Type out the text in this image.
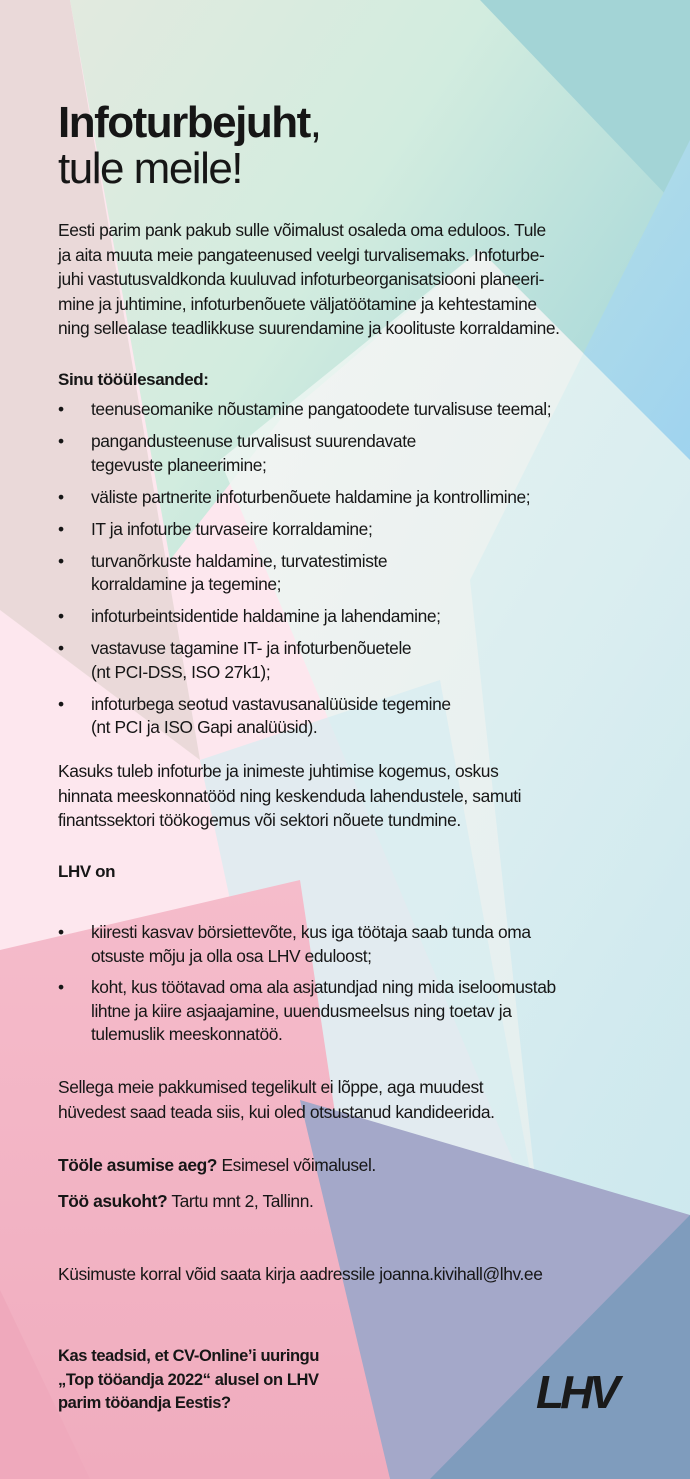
Infoturbejuht,
tule meile!

Eesti parim pank pakub sulle võimalust osaleda oma eduloos. Tule
ja aita muuta meie pangateenused veelgi turvalisemaks. Infoturbe-
juhi vastutusvaldkonda kuuluvad infoturbeorganisatsiooni planeeri-
mine ja juhtimine, infoturbenõuete väljatöötamine ja kehtestamine
ning sellealase teadlikkuse suurendamine ja koolituste korraldamine.

Sinu tööülesanded:
• teenuseomanike nõustamine pangatoodete turvalisuse teemal;
• pangandusteenuse turvalisust suurendavate
tegevuste planeerimine;
• väliste partnerite infoturbenõuete haldamine ja kontrollimine;
• IT ja infoturbe turvaseire korraldamine;
• turvanõrkuste haldamine, turvatestimiste
korraldamine ja tegemine;
• infoturbeintsidentide haldamine ja lahendamine;
• vastavuse tagamine IT- ja infoturbenõuetele
(nt PCI-DSS, ISO 27k1);
• infoturbega seotud vastavusanalüüside tegemine
(nt PCI ja ISO Gapi analüüsid).

Kasuks tuleb infoturbe ja inimeste juhtimise kogemus, oskus
hinnata meeskonnatööd ning keskenduda lahendustele, samuti
finantssektori töökogemus või sektori nõuete tundmine.

LHV on
• kiiresti kasvav börsiettevõte, kus iga töötaja saab tunda oma
otsuste mõju ja olla osa LHV eduloost;
• koht, kus töötavad oma ala asjatundjad ning mida iseloomustab
lihtne ja kiire asjaajamine, uuendusmeelsus ning toetav ja
tulemuslik meeskonnatöö.

Sellega meie pakkumised tegelikult ei lõppe, aga muudest
hüvedest saad teada siis, kui oled otsustanud kandideerida.

Tööle asumise aeg? Esimesel võimalusel.

Töö asukoht? Tartu mnt 2, Tallinn.

Küsimuste korral võid saata kirja aadressile joanna.kivihall@lhv.ee

Kas teadsid, et CV-Online’i uuringu
„Top tööandja 2022“ alusel on LHV
parim tööandja Eestis?	LHV
